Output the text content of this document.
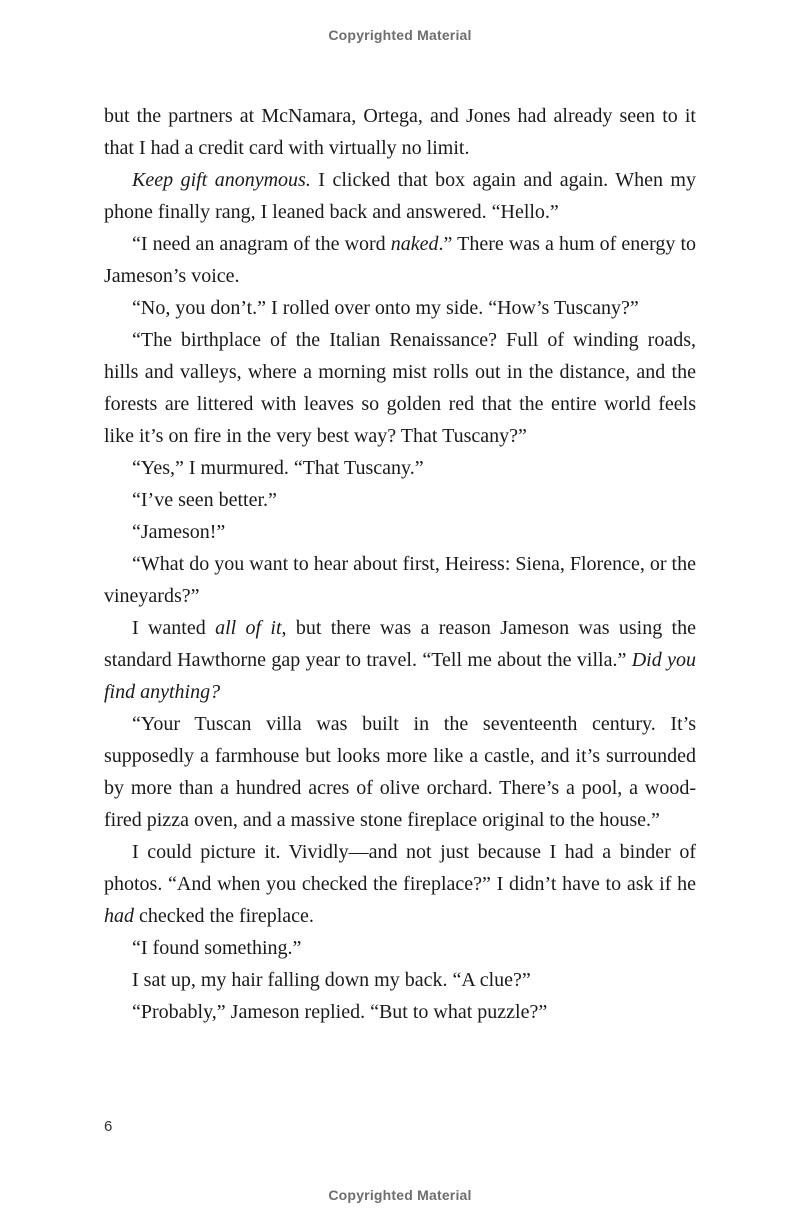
Copyrighted Material

but the partners at McNamara, Ortega, and Jones had already seen to it that I had a credit card with virtually no limit.

Keep gift anonymous. I clicked that box again and again. When my phone finally rang, I leaned back and answered. “Hello.”

“I need an anagram of the word naked.” There was a hum of energy to Jameson’s voice.

“No, you don’t.” I rolled over onto my side. “How’s Tuscany?”

“The birthplace of the Italian Renaissance? Full of winding roads, hills and valleys, where a morning mist rolls out in the distance, and the forests are littered with leaves so golden red that the entire world feels like it’s on fire in the very best way? That Tuscany?”

“Yes,” I murmured. “That Tuscany.”

“I’ve seen better.”

“Jameson!”

“What do you want to hear about first, Heiress: Siena, Florence, or the vineyards?”

I wanted all of it, but there was a reason Jameson was using the standard Hawthorne gap year to travel. “Tell me about the villa.” Did you find anything?

“Your Tuscan villa was built in the seventeenth century. It’s supposedly a farmhouse but looks more like a castle, and it’s surrounded by more than a hundred acres of olive orchard. There’s a pool, a wood-fired pizza oven, and a massive stone fireplace original to the house.”

I could picture it. Vividly—and not just because I had a binder of photos. “And when you checked the fireplace?” I didn’t have to ask if he had checked the fireplace.

“I found something.”

I sat up, my hair falling down my back. “A clue?”

“Probably,” Jameson replied. “But to what puzzle?”

6
Copyrighted Material
